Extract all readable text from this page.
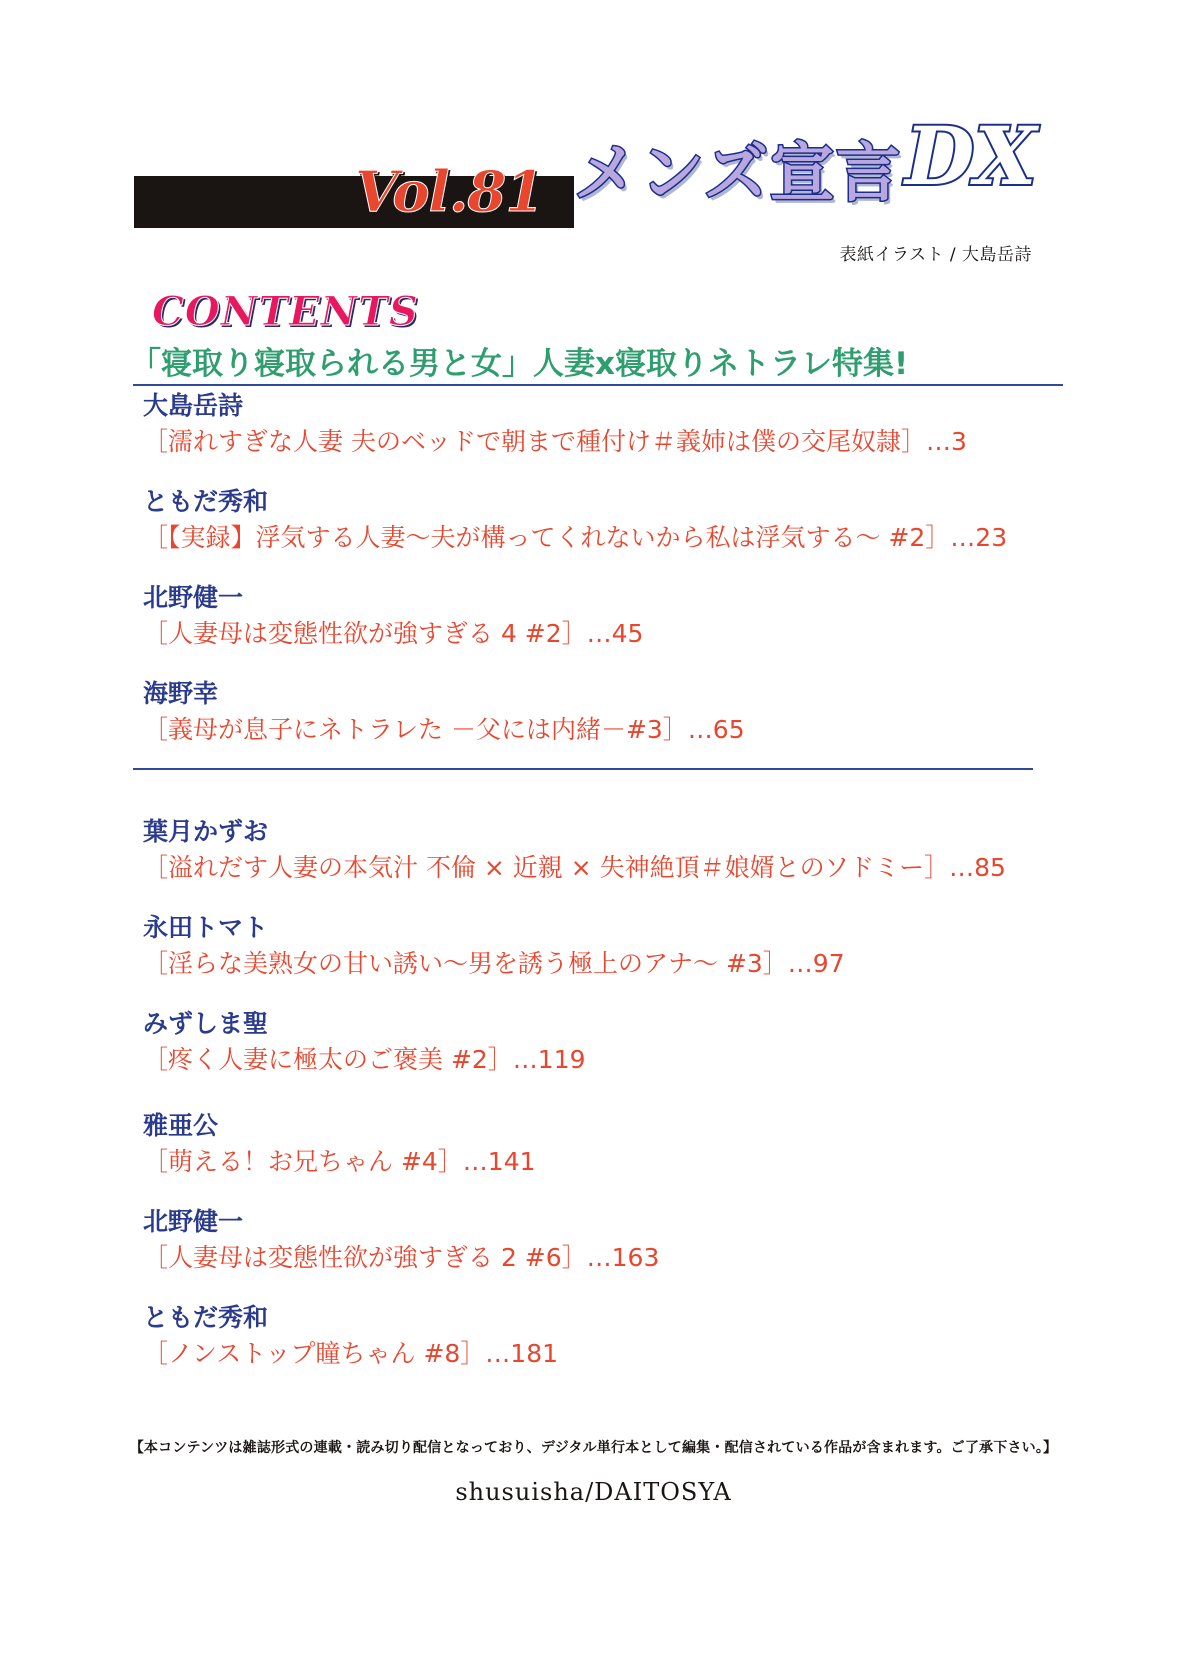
Vol.81 メンズ宣言 DX
表紙イラスト / 大島岳詩
CONTENTS
「寝取り寝取られる男と女」人妻x寝取りネトラレ特集!
大島岳詩
［濡れすぎな人妻 夫のベッドで朝まで種付け＃義姉は僕の交尾奴隷］…3
ともだ秀和
［【実録】浮気する人妻～夫が構ってくれないから私は浮気する～ #2］…23
北野健一
［人妻母は変態性欲が強すぎる 4 #2］…45
海野幸
［義母が息子にネトラレた －父には内緒－#3］…65
葉月かずお
［溢れだす人妻の本気汁 不倫 × 近親 × 失神絶頂＃娘婿とのソドミー］…85
永田トマト
［淫らな美熟女の甘い誘い～男を誘う極上のアナ～ #3］…97
みずしま聖
［疼く人妻に極太のご褒美 #2］…119
雅亜公
［萌える！お兄ちゃん #4］…141
北野健一
［人妻母は変態性欲が強すぎる 2 #6］…163
ともだ秀和
［ノンストップ瞳ちゃん #8］…181
【本コンテンツは雑誌形式の連載・読み切り配信となっており、デジタル単行本として編集・配信されている作品が含まれます。ご了承下さい。】
shusuisha/DAITOSYA
